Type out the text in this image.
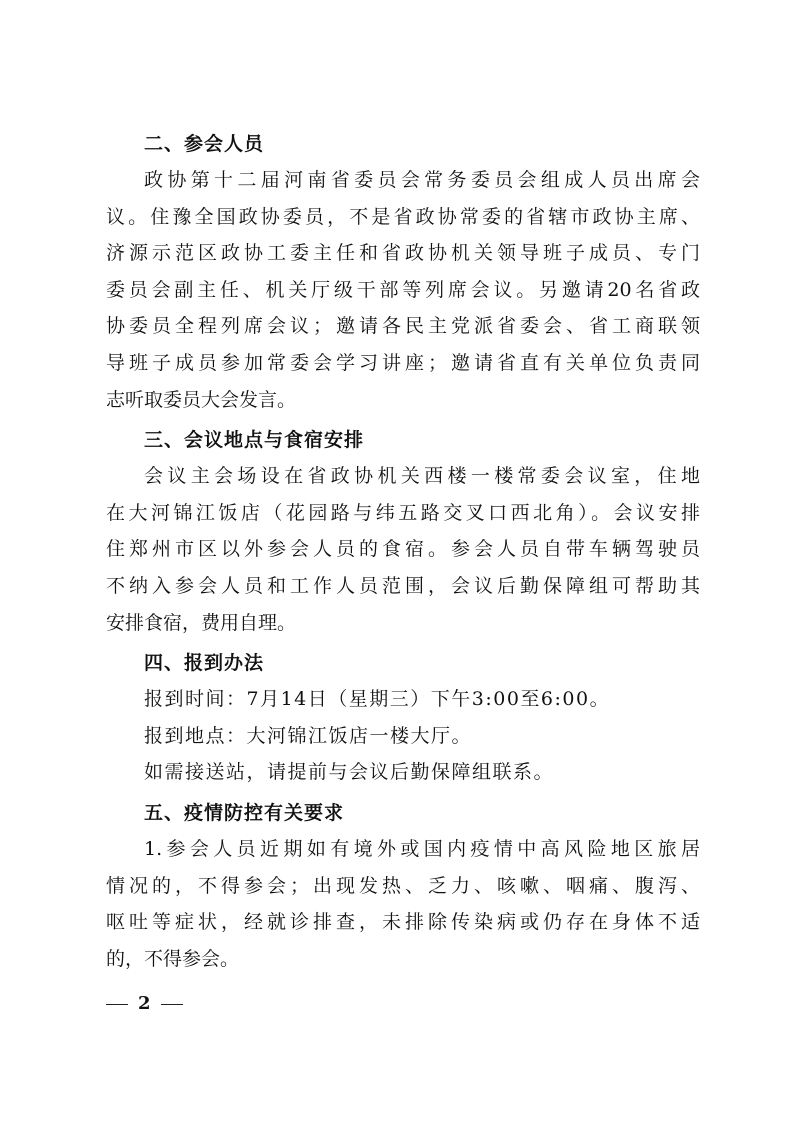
二、参会人员
政协第十二届河南省委员会常务委员会组成人员出席会
议。住豫全国政协委员，不是省政协常委的省辖市政协主席、
济源示范区政协工委主任和省政协机关领导班子成员、专门
委员会副主任、机关厅级干部等列席会议。另邀请20名省政
协委员全程列席会议；邀请各民主党派省委会、省工商联领
导班子成员参加常委会学习讲座；邀请省直有关单位负责同
志听取委员大会发言。
三、会议地点与食宿安排
会议主会场设在省政协机关西楼一楼常委会议室，住地
在大河锦江饭店（花园路与纬五路交叉口西北角）。会议安排
住郑州市区以外参会人员的食宿。参会人员自带车辆驾驶员
不纳入参会人员和工作人员范围，会议后勤保障组可帮助其
安排食宿，费用自理。
四、报到办法
报到时间：7月14日（星期三）下午3:00至6:00。
报到地点：大河锦江饭店一楼大厅。
如需接送站，请提前与会议后勤保障组联系。
五、疫情防控有关要求
1.参会人员近期如有境外或国内疫情中高风险地区旅居
情况的，不得参会；出现发热、乏力、咳嗽、咽痛、腹泻、
呕吐等症状，经就诊排查，未排除传染病或仍存在身体不适
的，不得参会。
2
